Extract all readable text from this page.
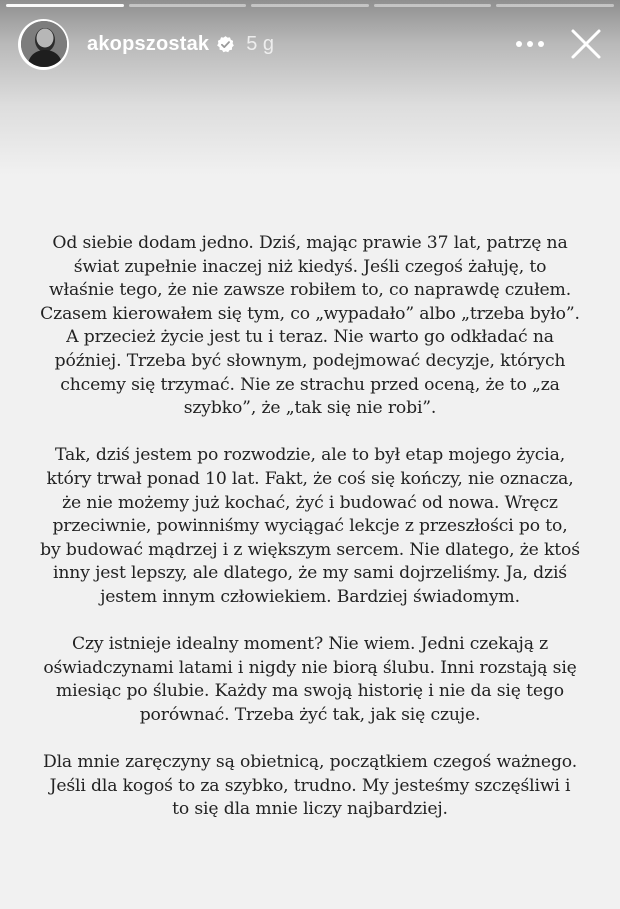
akopszostak 5 g

Od siebie dodam jedno. Dziś, mając prawie 37 lat, patrzę na
świat zupełnie inaczej niż kiedyś. Jeśli czegoś żałuję, to
właśnie tego, że nie zawsze robiłem to, co naprawdę czułem.
Czasem kierowałem się tym, co „wypadało” albo „trzeba było”.
A przecież życie jest tu i teraz. Nie warto go odkładać na
później. Trzeba być słownym, podejmować decyzje, których
chcemy się trzymać. Nie ze strachu przed oceną, że to „za
szybko”, że „tak się nie robi”.

Tak, dziś jestem po rozwodzie, ale to był etap mojego życia,
który trwał ponad 10 lat. Fakt, że coś się kończy, nie oznacza,
że nie możemy już kochać, żyć i budować od nowa. Wręcz
przeciwnie, powinniśmy wyciągać lekcje z przeszłości po to,
by budować mądrzej i z większym sercem. Nie dlatego, że ktoś
inny jest lepszy, ale dlatego, że my sami dojrzeliśmy. Ja, dziś
jestem innym człowiekiem. Bardziej świadomym.

Czy istnieje idealny moment? Nie wiem. Jedni czekają z
oświadczynami latami i nigdy nie biorą ślubu. Inni rozstają się
miesiąc po ślubie. Każdy ma swoją historię i nie da się tego
porównać. Trzeba żyć tak, jak się czuje.

Dla mnie zaręczyny są obietnicą, początkiem czegoś ważnego.
Jeśli dla kogoś to za szybko, trudno. My jesteśmy szczęśliwi i
to się dla mnie liczy najbardziej.
